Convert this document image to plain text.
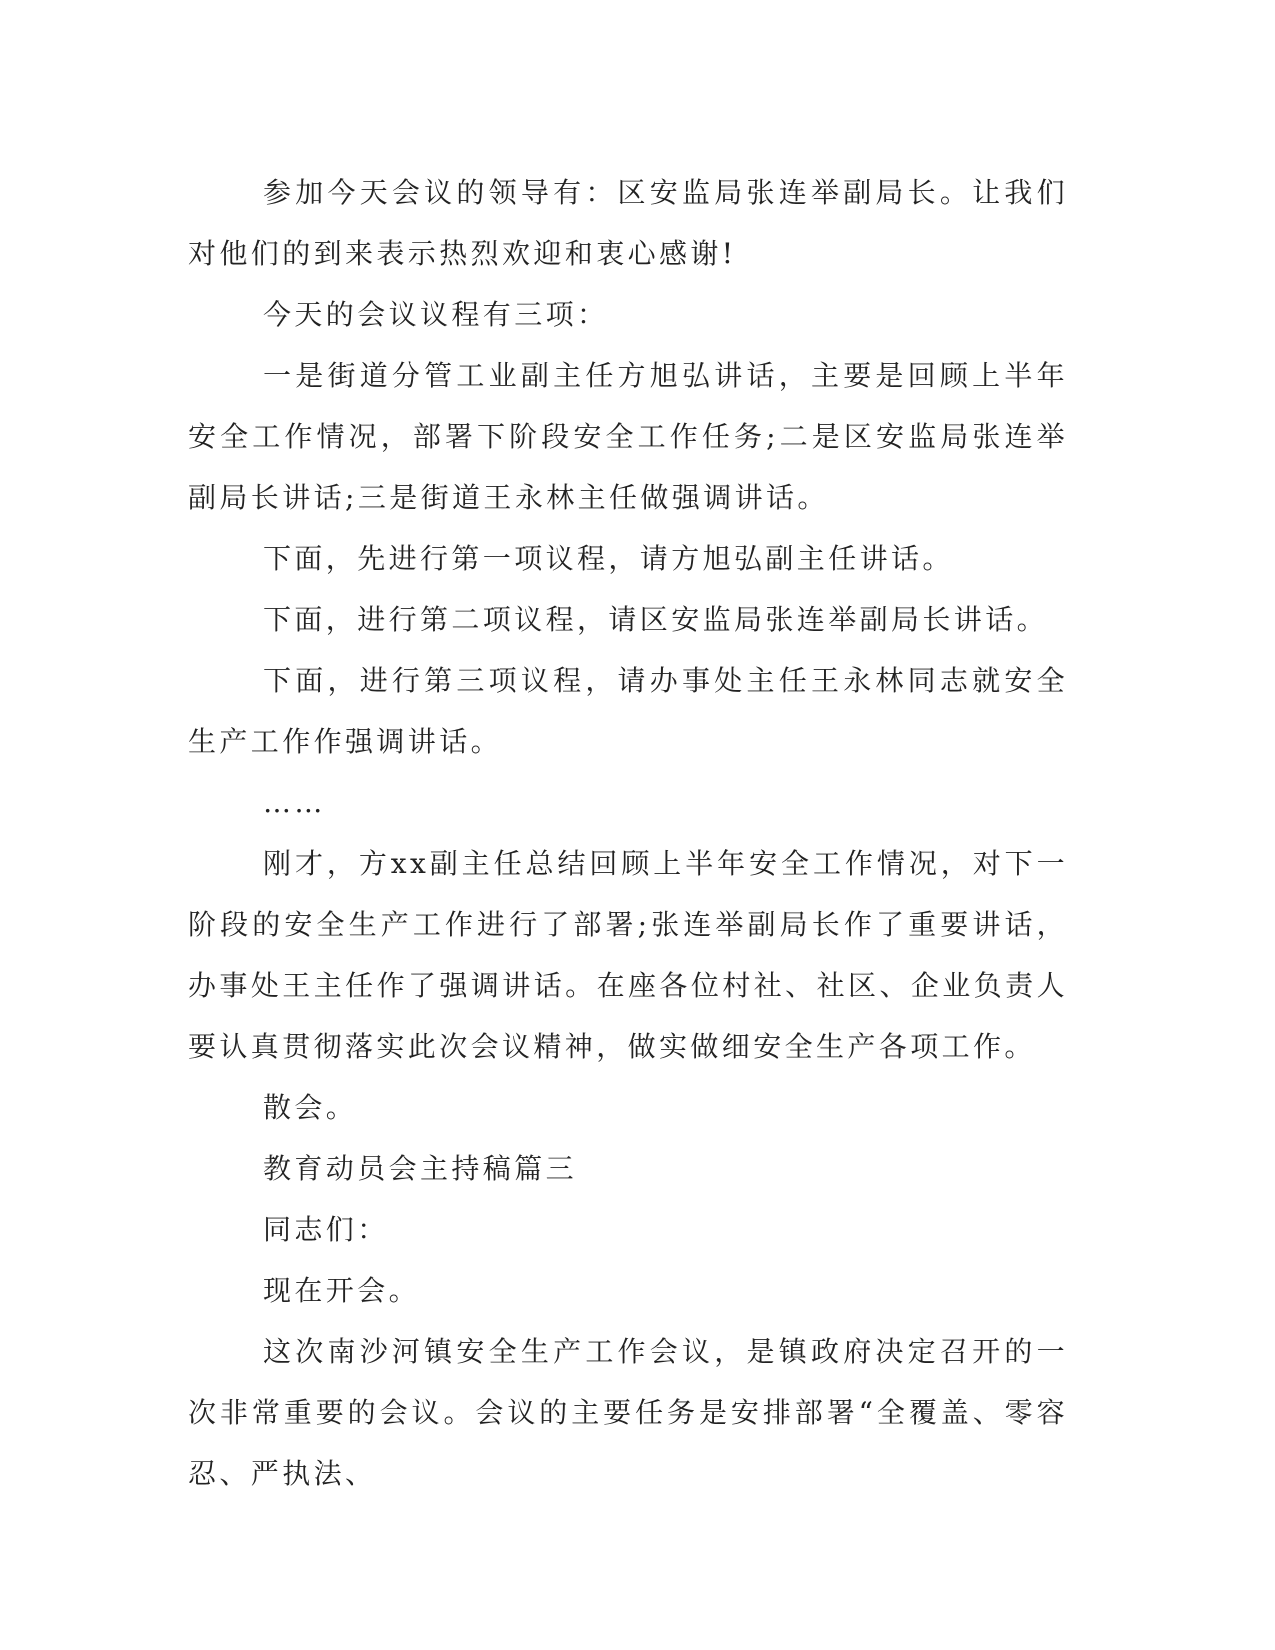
参加今天会议的领导有：区安监局张连举副局长。让我们对他们的到来表示热烈欢迎和衷心感谢!

今天的会议议程有三项：

一是街道分管工业副主任方旭弘讲话，主要是回顾上半年安全工作情况，部署下阶段安全工作任务;二是区安监局张连举副局长讲话;三是街道王永林主任做强调讲话。

下面，先进行第一项议程，请方旭弘副主任讲话。

下面，进行第二项议程，请区安监局张连举副局长讲话。

下面，进行第三项议程，请办事处主任王永林同志就安全生产工作作强调讲话。

……

刚才，方xx副主任总结回顾上半年安全工作情况，对下一阶段的安全生产工作进行了部署;张连举副局长作了重要讲话，办事处王主任作了强调讲话。在座各位村社、社区、企业负责人要认真贯彻落实此次会议精神，做实做细安全生产各项工作。

散会。

教育动员会主持稿篇三

同志们：

现在开会。

这次南沙河镇安全生产工作会议，是镇政府决定召开的一次非常重要的会议。会议的主要任务是安排部署“全覆盖、零容忍、严执法、
